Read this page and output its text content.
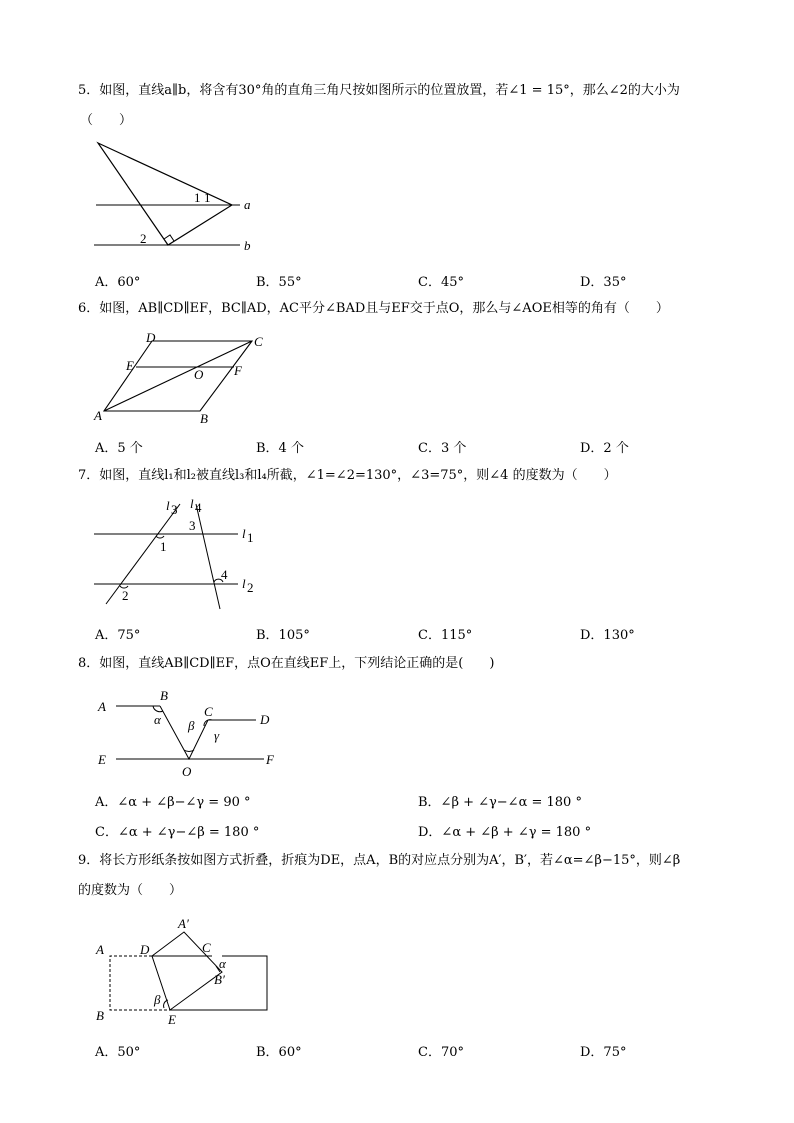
5．如图，直线a∥b，将含有30°角的直角三角尺按如图所示的位置放置，若∠1 = 15°，那么∠2的大小为
（　　）
1 1
2
a
b
A．60°	B．55°	C．45°	D．35°
6．如图，AB∥CD∥EF，BC∥AD，AC平分∠BAD且与EF交于点O，那么与∠AOE相等的角有（　　）
A	B
C
D
E	F
O
A．5 个	B．4 个	C．3 个	D．2 个
7．如图，直线l₁和l₂被直线l₃和l₄所截，∠1=∠2=130°，∠3=75°，则∠4 的度数为（　　）
l 3 l 4
l 1
l 2
1
2
3
4
A．75°	B．105°	C．115°	D．130°
8．如图，直线AB∥CD∥EF，点O在直线EF上，下列结论正确的是(　　)
A
B
C
D
E	F
O
α β
γ
A．∠α + ∠β−∠γ = 90 °	B．∠β + ∠γ−∠α = 180 °
C．∠α + ∠γ−∠β = 180 °	D．∠α + ∠β + ∠γ = 180 °
9．将长方形纸条按如图方式折叠，折痕为DE，点A，B的对应点分别为A′，B′，若∠α=∠β−15°，则∠β
的度数为（　　）
A
B
C
D
E
A′
B′
α
β
A．50°	B．60°	C．70°	D．75°
